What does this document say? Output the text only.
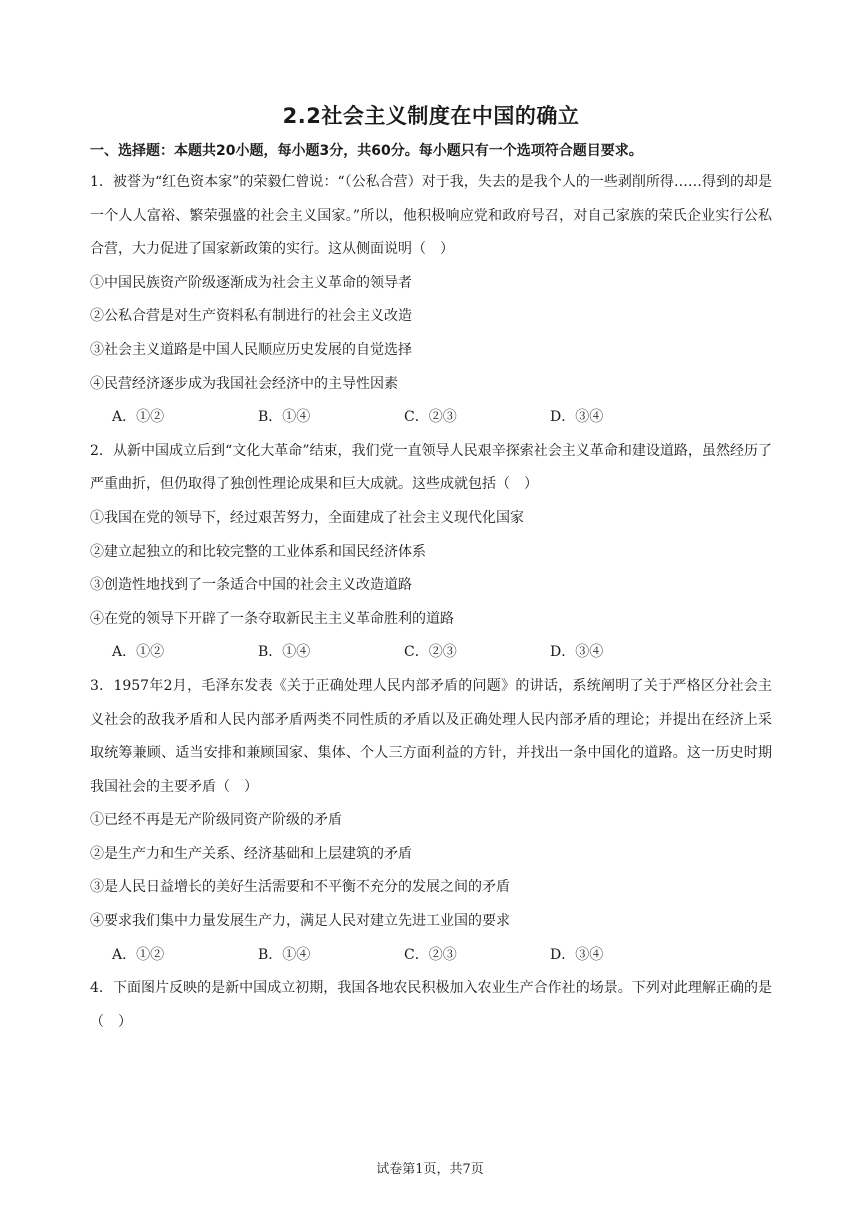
2.2社会主义制度在中国的确立
一、选择题：本题共20小题，每小题3分，共60分。每小题只有一个选项符合题目要求。

1．被誉为“红色资本家”的荣毅仁曾说：“（公私合营）对于我，失去的是我个人的一些剥削所得……得到的却是一个人人富裕、繁荣强盛的社会主义国家。”所以，他积极响应党和政府号召，对自己家族的荣氏企业实行公私合营，大力促进了国家新政策的实行。这从侧面说明（　）

①中国民族资产阶级逐渐成为社会主义革命的领导者

②公私合营是对生产资料私有制进行的社会主义改造

③社会主义道路是中国人民顺应历史发展的自觉选择

④民营经济逐步成为我国社会经济中的主导性因素

A．①②	B．①④	C．②③	D．③④

2．从新中国成立后到“文化大革命”结束，我们党一直领导人民艰辛探索社会主义革命和建设道路，虽然经历了严重曲折，但仍取得了独创性理论成果和巨大成就。这些成就包括（　）

①我国在党的领导下，经过艰苦努力，全面建成了社会主义现代化国家

②建立起独立的和比较完整的工业体系和国民经济体系

③创造性地找到了一条适合中国的社会主义改造道路

④在党的领导下开辟了一条夺取新民主主义革命胜利的道路

A．①②	B．①④	C．②③	D．③④

3．1957年2月，毛泽东发表《关于正确处理人民内部矛盾的问题》的讲话，系统阐明了关于严格区分社会主义社会的敌我矛盾和人民内部矛盾两类不同性质的矛盾以及正确处理人民内部矛盾的理论；并提出在经济上采取统筹兼顾、适当安排和兼顾国家、集体、个人三方面利益的方针，并找出一条中国化的道路。这一历史时期我国社会的主要矛盾（　）

①已经不再是无产阶级同资产阶级的矛盾

②是生产力和生产关系、经济基础和上层建筑的矛盾

③是人民日益增长的美好生活需要和不平衡不充分的发展之间的矛盾

④要求我们集中力量发展生产力，满足人民对建立先进工业国的要求

A．①②	B．①④	C．②③	D．③④

4．下面图片反映的是新中国成立初期，我国各地农民积极加入农业生产合作社的场景。下列对此理解正确的是（　）

试卷第1页，共7页
